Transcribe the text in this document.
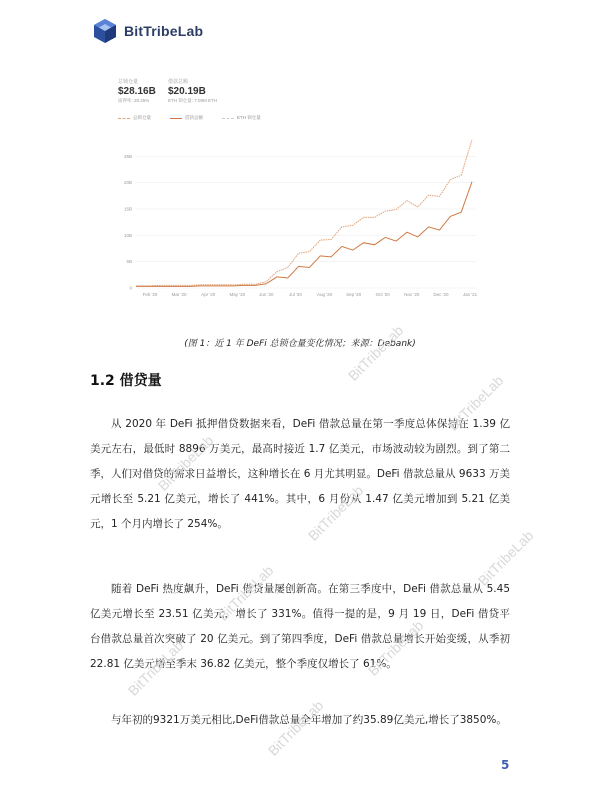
BitTribeLab
总锁仓量
$28.16B
质押率: 28.25%
借款总额
$20.19B
ETH 锁仓量: 7.09M ETH
总锁仓量	借款总额	ETH 锁仓量
0
5B
10B
15B
20B
25B
Feb '20	Mar '20	Apr '20	May '20	Jun '20	Jul '20	Aug '20	Sep '20	Oct '20	Nov '20	Dec '20	Jan '21
(图 1：近 1 年 DeFi 总锁仓量变化情况；来源：Debank)
1.2 借贷量

从 2020 年 DeFi 抵押借贷数据来看，DeFi 借款总量在第一季度总体保持在 1.39 亿美元左右，最低时 8896 万美元，最高时接近 1.7 亿美元，市场波动较为剧烈。到了第二季，人们对借贷的需求日益增长，这种增长在 6 月尤其明显。DeFi 借款总量从 9633 万美元增长至 5.21 亿美元，增长了 441%。其中，6 月份从 1.47 亿美元增加到 5.21 亿美元，1 个月内增长了 254%。

随着 DeFi 热度飙升，DeFi 借贷量屡创新高。在第三季度中，DeFi 借款总量从 5.45 亿美元增长至 23.51 亿美元，增长了 331%。值得一提的是，9 月 19 日，DeFi 借贷平台借款总量首次突破了 20 亿美元。到了第四季度，DeFi 借款总量增长开始变缓，从季初 22.81 亿美元增至季末 36.82 亿美元，整个季度仅增长了 61%。

与年初的9321万美元相比,DeFi借款总量全年增加了约35.89亿美元,增长了3850%。

5
BitTribeLab
BitTribeLab
BitTribeLab
BitTribeLab
BitTribeLab
BitTribeLab
BitTribeLab
BitTribeLab
BitTribeLab
